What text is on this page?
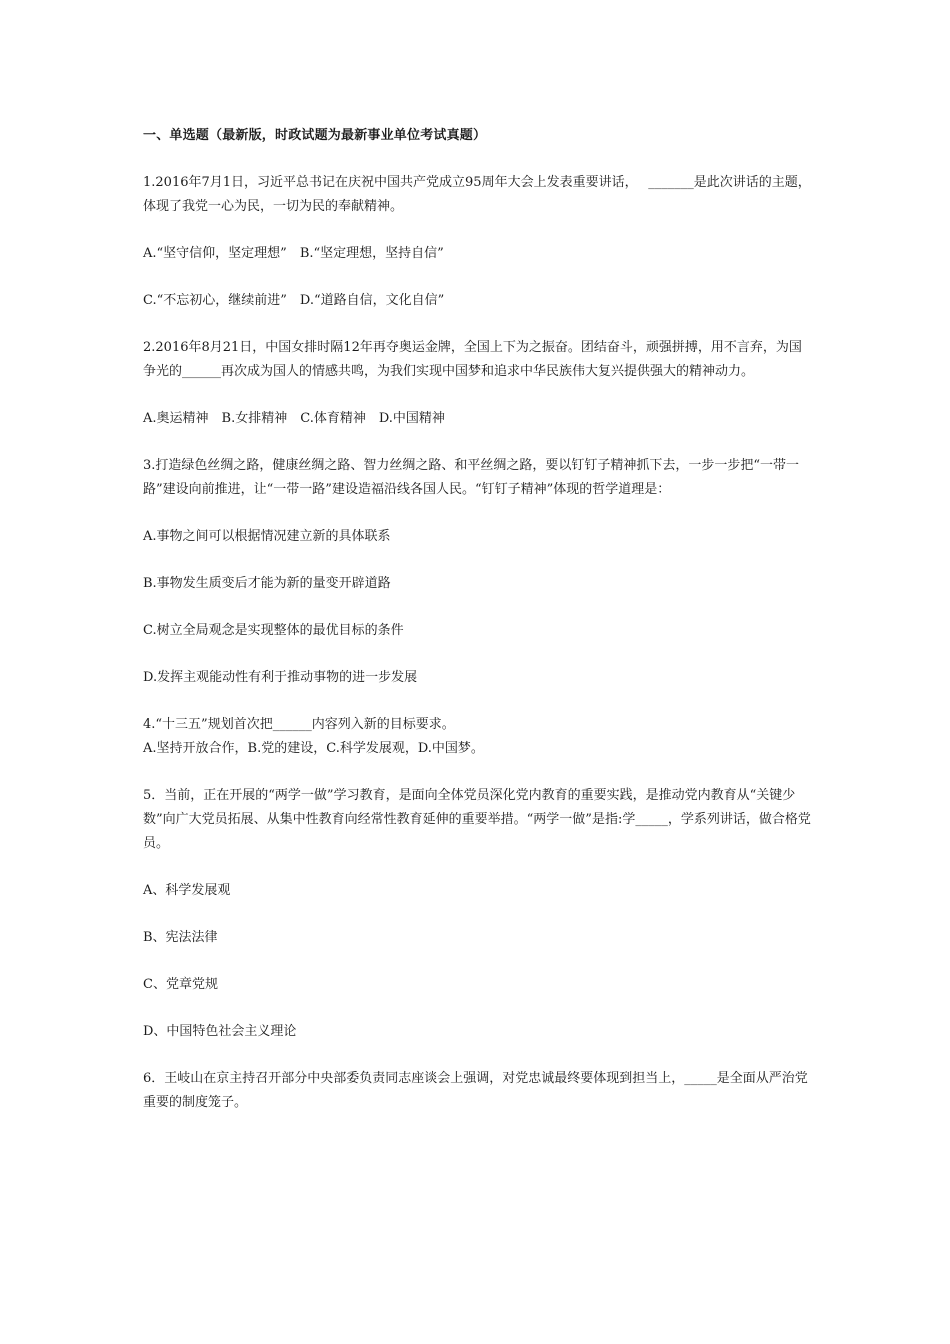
一、单选题（最新版，时政试题为最新事业单位考试真题）

1.2016年7月1日，习近平总书记在庆祝中国共产党成立95周年大会上发表重要讲话，　 _______是此次讲话的主题，体现了我党一心为民，一切为民的奉献精神。

A.“坚守信仰，坚定理想”　B.“坚定理想，坚持自信”

C.“不忘初心，继续前进”　D.“道路自信，文化自信”

2.2016年8月21日，中国女排时隔12年再夺奥运金牌，全国上下为之振奋。团结奋斗，顽强拼搏，用不言弃，为国争光的______再次成为国人的情感共鸣，为我们实现中国梦和追求中华民族伟大复兴提供强大的精神动力。

A.奥运精神　B.女排精神　C.体育精神　D.中国精神

3.打造绿色丝绸之路，健康丝绸之路、智力丝绸之路、和平丝绸之路，要以钉钉子精神抓下去，一步一步把“一带一路”建设向前推进，让“一带一路”建设造福沿线各国人民。“钉钉子精神”体现的哲学道理是：

A.事物之间可以根据情况建立新的具体联系

B.事物发生质变后才能为新的量变开辟道路

C.树立全局观念是实现整体的最优目标的条件

D.发挥主观能动性有利于推动事物的进一步发展

4.“十三五”规划首次把______内容列入新的目标要求。

A.坚持开放合作，B.党的建设，C.科学发展观，D.中国梦。

5．当前，正在开展的“两学一做”学习教育，是面向全体党员深化党内教育的重要实践，是推动党内教育从“关键少数”向广大党员拓展、从集中性教育向经常性教育延伸的重要举措。“两学一做”是指:学_____，学系列讲话，做合格党员。

A、科学发展观

B、宪法法律

C、党章党规

D、中国特色社会主义理论

6．王岐山在京主持召开部分中央部委负责同志座谈会上强调，对党忠诚最终要体现到担当上，_____是全面从严治党重要的制度笼子。
